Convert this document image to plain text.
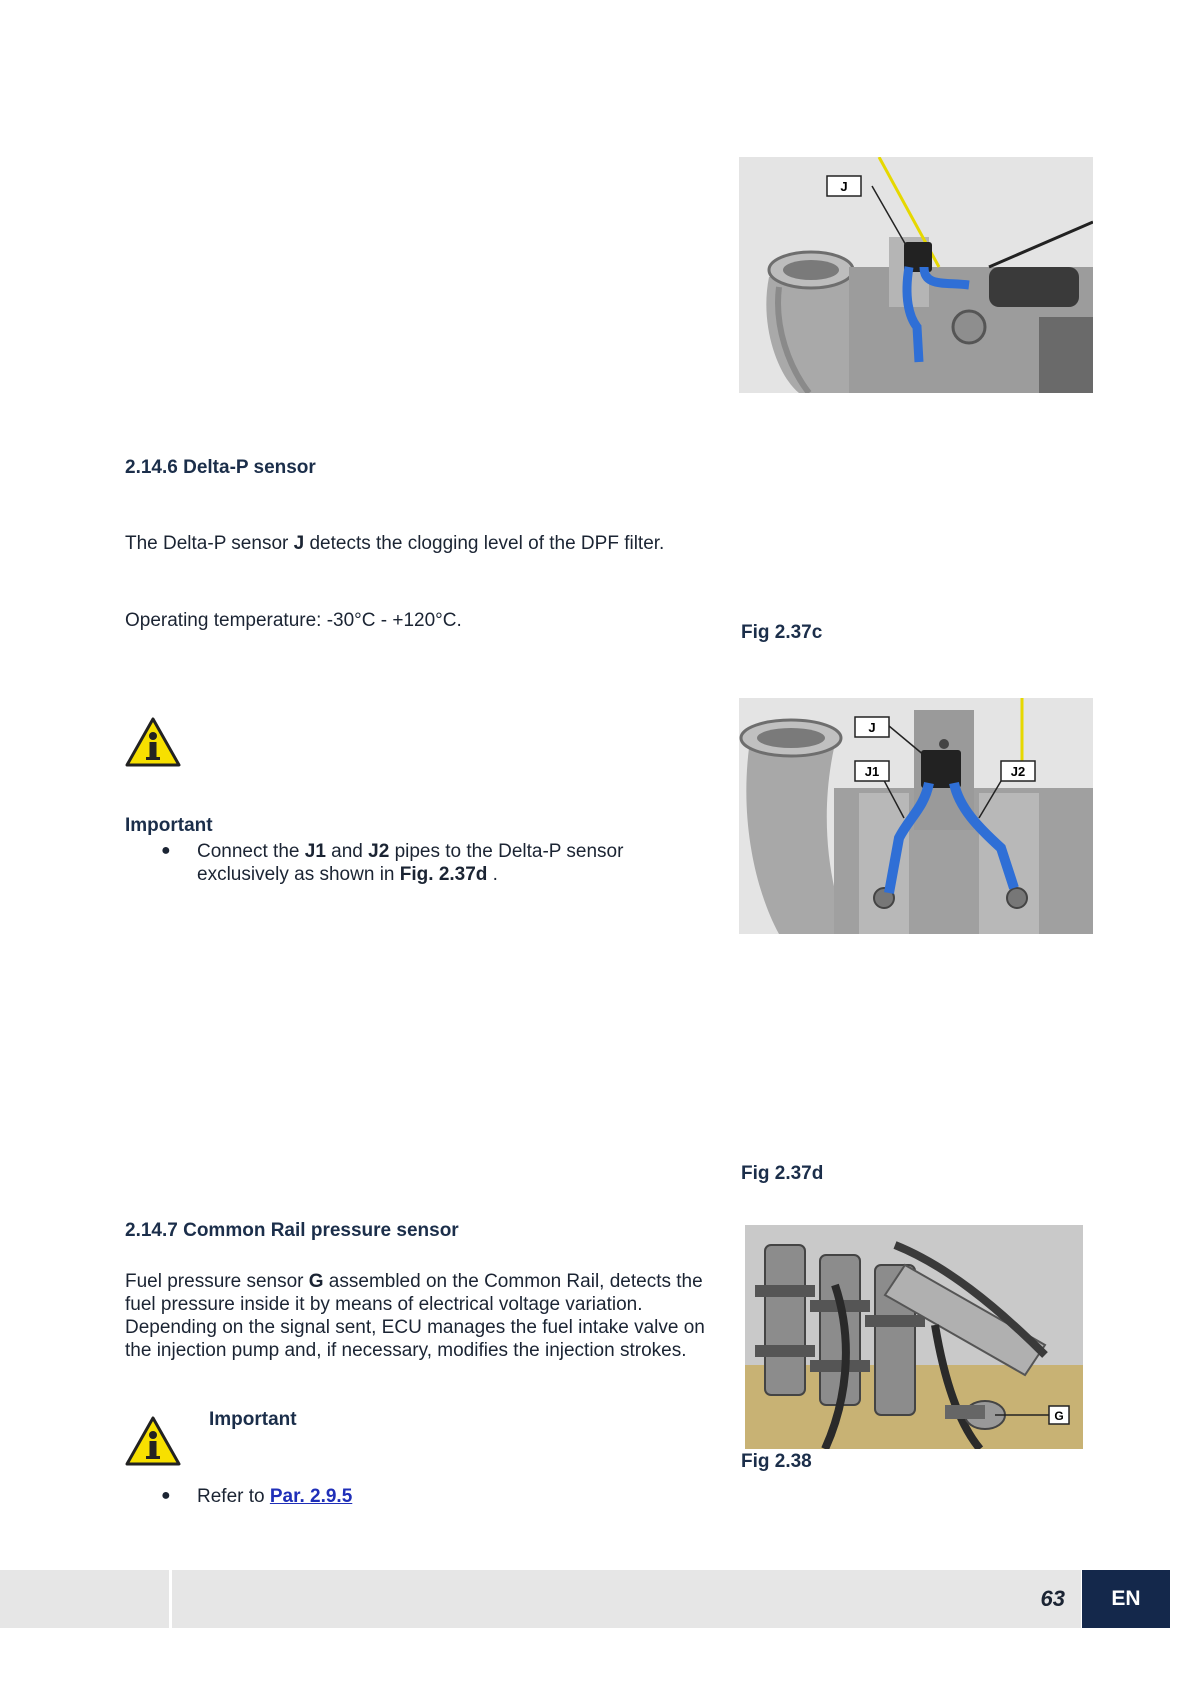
J
2.14.6 Delta-P sensor
The Delta-P sensor J detects the clogging level of the DPF filter.
Operating temperature: -30°C - +120°C.
Fig 2.37c
Important
● Connect the J1 and J2 pipes to the Delta-P sensor exclusively as shown in Fig. 2.37d .
J
J1	J2
Fig 2.37d
2.14.7 Common Rail pressure sensor
Fuel pressure sensor G assembled on the Common Rail, detects the fuel pressure inside it by means of electrical voltage variation. Depending on the signal sent, ECU manages the fuel intake valve on the injection pump and, if necessary, modifies the injection strokes.
G
Fig 2.38
Important
● Refer to Par. 2.9.5
63	EN
